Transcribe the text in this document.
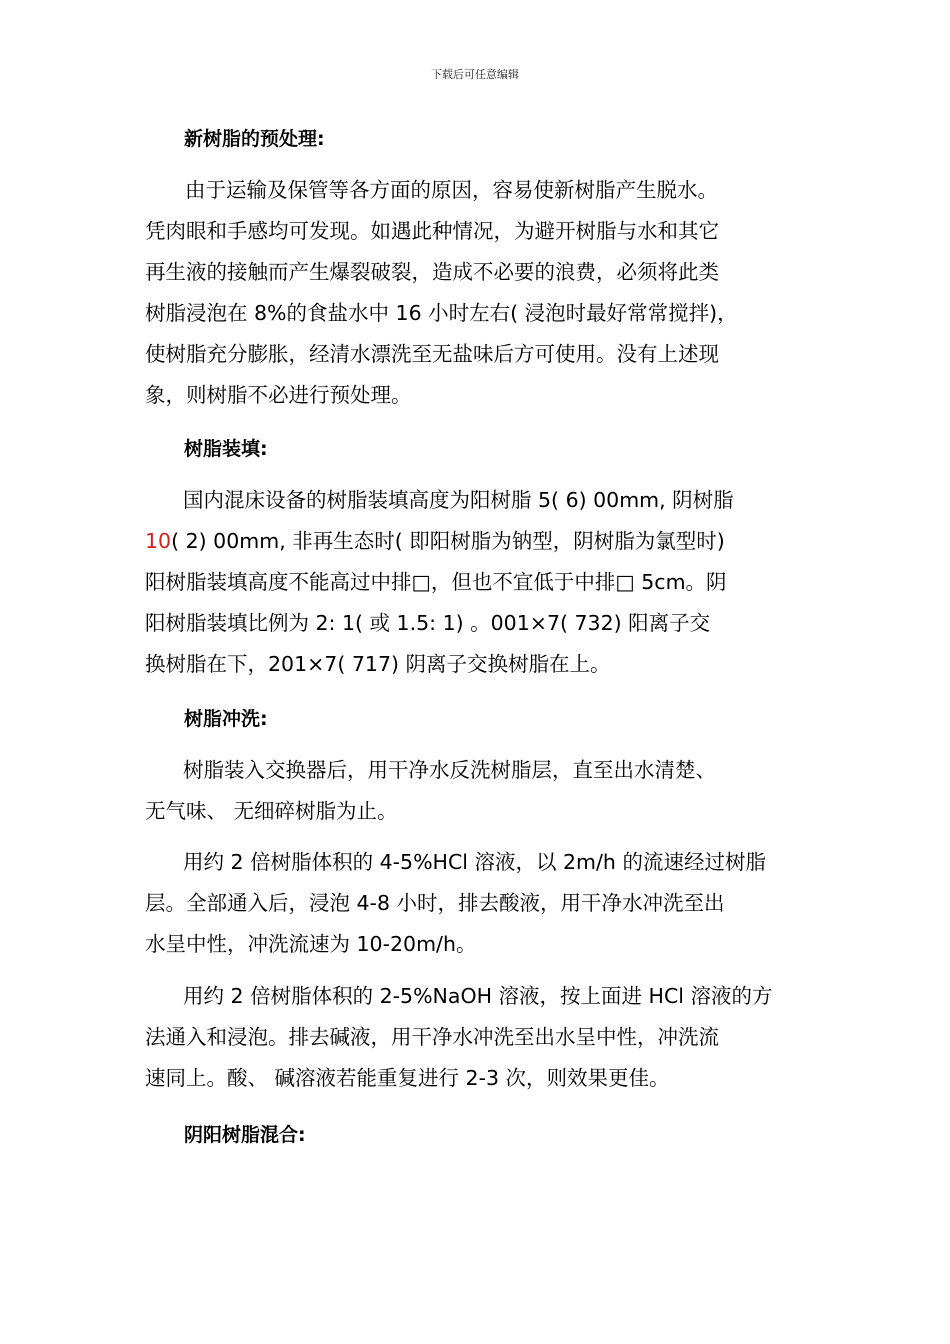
下载后可任意编辑
新树脂的预处理:
由于运输及保管等各方面的原因，容易使新树脂产生脱水。
凭肉眼和手感均可发现。如遇此种情况，为避开树脂与水和其它
再生液的接触而产生爆裂破裂，造成不必要的浪费，必须将此类
树脂浸泡在 8%的食盐水中 16 小时左右( 浸泡时最好常常搅拌)，
使树脂充分膨胀，经清水漂洗至无盐味后方可使用。没有上述现
象，则树脂不必进行预处理。
树脂装填:
国内混床设备的树脂装填高度为阳树脂 5( 6) 00mm, 阴树脂
10( 2) 00mm, 非再生态时( 即阳树脂为钠型，阴树脂为氯型时)
阳树脂装填高度不能高过中排□，但也不宜低于中排□ 5cm。阴
阳树脂装填比例为 2: 1( 或 1.5: 1) 。001×7( 732) 阳离子交
换树脂在下，201×7( 717) 阴离子交换树脂在上。
树脂冲洗:
树脂装入交换器后，用干净水反洗树脂层，直至出水清楚、
无气味、 无细碎树脂为止。
用约 2 倍树脂体积的 4-5%HCl 溶液，以 2m/h 的流速经过树脂
层。全部通入后，浸泡 4-8 小时，排去酸液，用干净水冲洗至出
水呈中性，冲洗流速为 10-20m/h。
用约 2 倍树脂体积的 2-5%NaOH 溶液，按上面进 HCl 溶液的方
法通入和浸泡。排去碱液，用干净水冲洗至出水呈中性，冲洗流
速同上。酸、 碱溶液若能重复进行 2-3 次，则效果更佳。
阴阳树脂混合:
